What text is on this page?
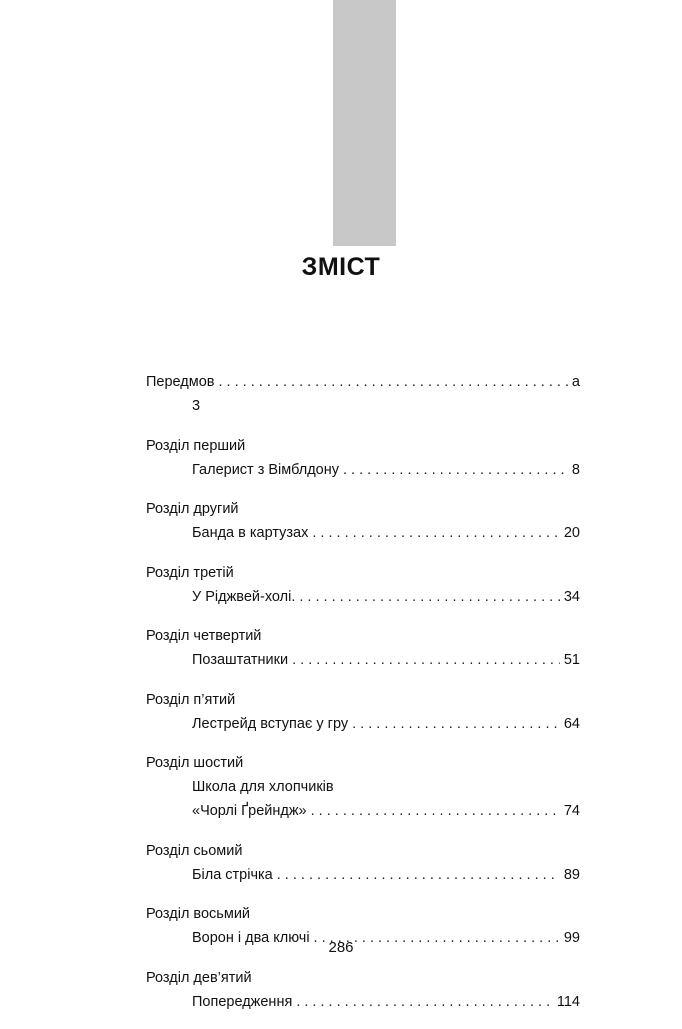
ЗМІСТ
Передмов . . .	а
3
Розділ перший
Галерист з Вімблдону . . .	8
Розділ другий
Банда в картузах . . .	20
Розділ третій
У Ріджвей-холі. . . .	34
Розділ четвертий
Позаштатники . . .	51
Розділ п’ятий
Лестрейд вступає у гру . . .	64
Розділ шостий
Школа для хлопчиків
«Чорлі Ґрейндж» . . .	74
Розділ сьомий
Біла стрічка . . .	89
Розділ восьмий
Ворон і два ключі . . .	99
Розділ дев’ятий
Попередження . . .	114
286
